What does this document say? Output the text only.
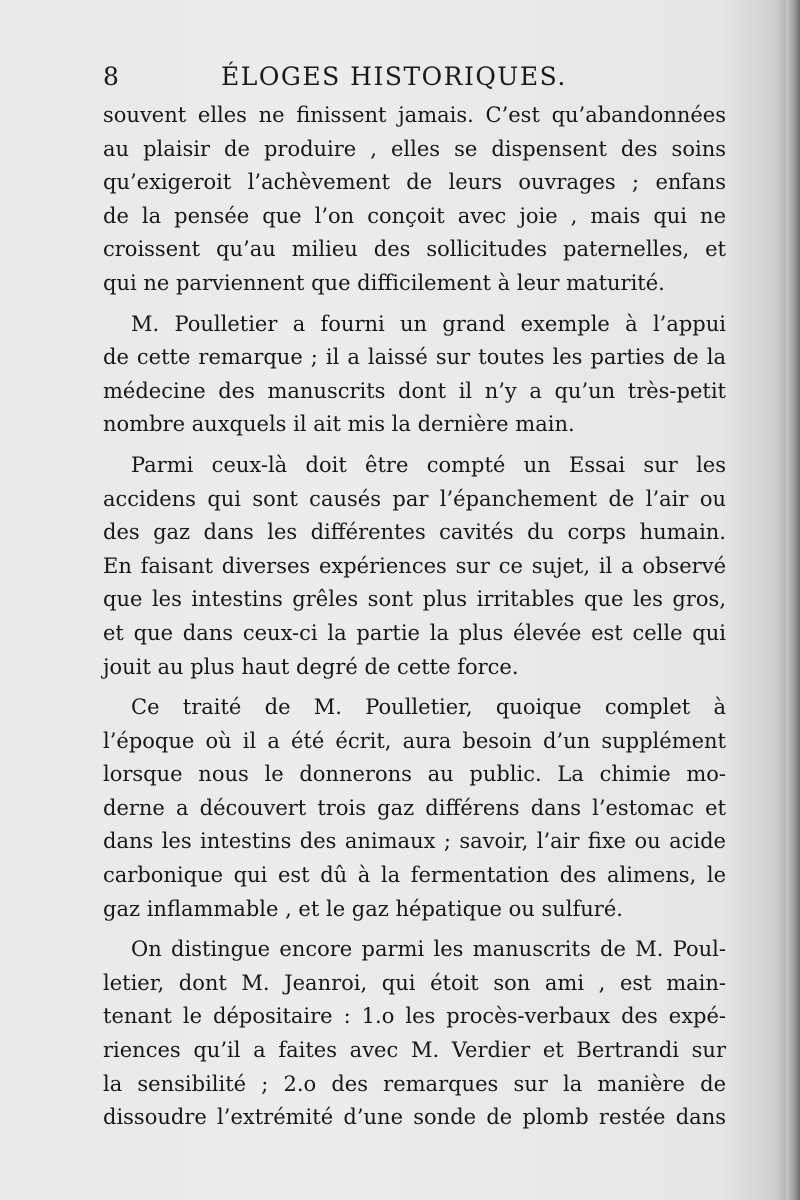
8	ÉLOGES HISTORIQUES.
souvent elles ne finissent jamais. C’est qu’abandonnées
au plaisir de produire , elles se dispensent des soins
qu’exigeroit l’achèvement de leurs ouvrages ; enfans
de la pensée que l’on conçoit avec joie , mais qui ne
croissent qu’au milieu des sollicitudes paternelles, et
qui ne parviennent que difficilement à leur maturité.
M. Poulletier a fourni un grand exemple à l’appui
de cette remarque ; il a laissé sur toutes les parties de la
médecine des manuscrits dont il n’y a qu’un très-petit
nombre auxquels il ait mis la dernière main.
Parmi ceux-là doit être compté un Essai sur les
accidens qui sont causés par l’épanchement de l’air ou
des gaz dans les différentes cavités du corps humain.
En faisant diverses expériences sur ce sujet, il a observé
que les intestins grêles sont plus irritables que les gros,
et que dans ceux-ci la partie la plus élevée est celle qui
jouit au plus haut degré de cette force.
Ce traité de M. Poulletier, quoique complet à
l’époque où il a été écrit, aura besoin d’un supplément
lorsque nous le donnerons au public. La chimie mo-
derne a découvert trois gaz différens dans l’estomac et
dans les intestins des animaux ; savoir, l’air fixe ou acide
carbonique qui est dû à la fermentation des alimens, le
gaz inflammable , et le gaz hépatique ou sulfuré.
On distingue encore parmi les manuscrits de M. Poul-
letier, dont M. Jeanroi, qui étoit son ami , est main-
tenant le dépositaire : 1.o les procès-verbaux des expé-
riences qu’il a faites avec M. Verdier et Bertrandi sur
la sensibilité ; 2.o des remarques sur la manière de
dissoudre l’extrémité d’une sonde de plomb restée dans
